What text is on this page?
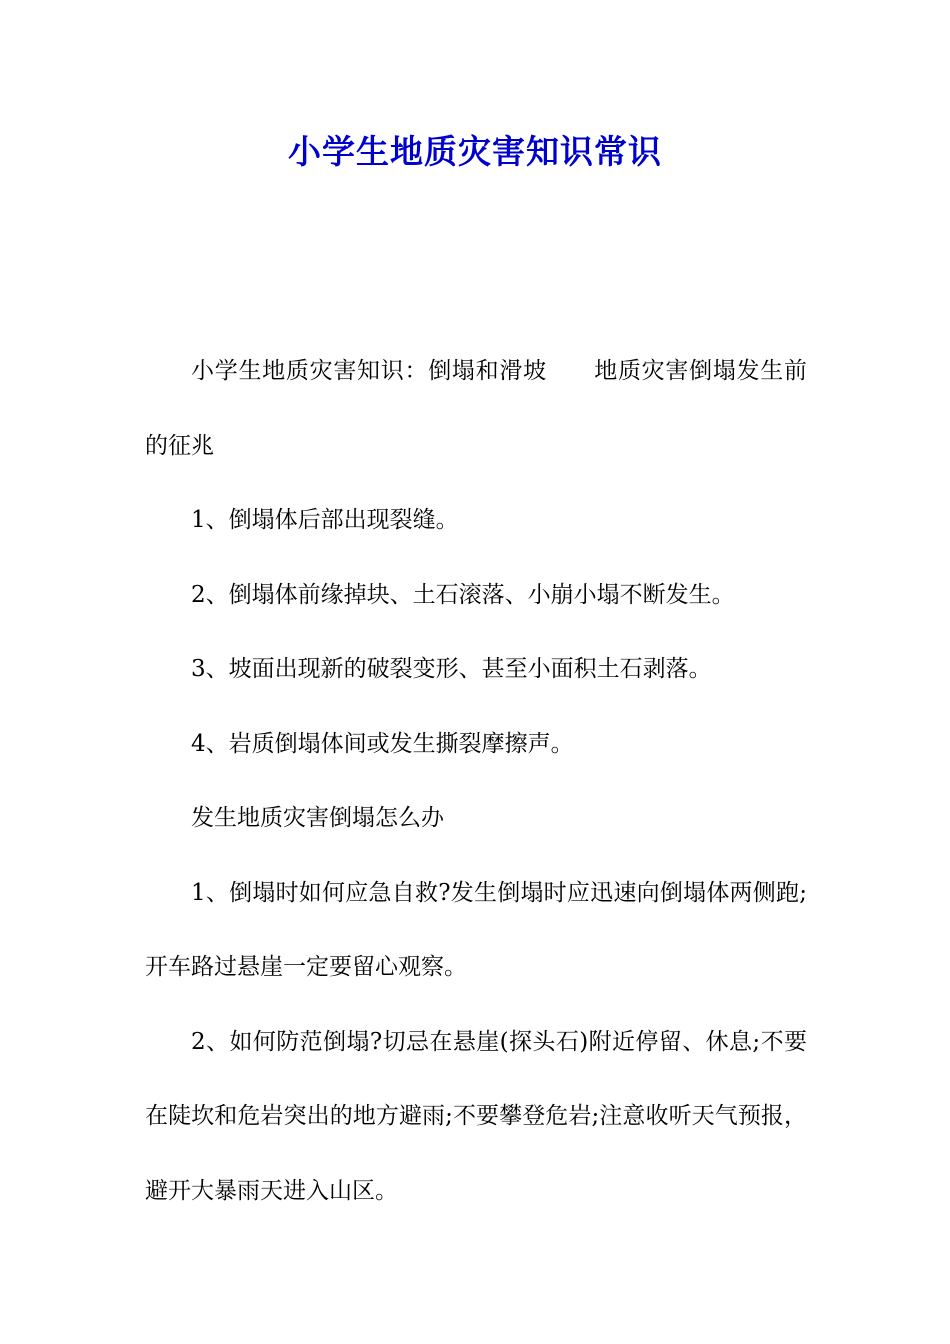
小学生地质灾害知识常识

小学生地质灾害知识：倒塌和滑坡　　地质灾害倒塌发生前的征兆

1、倒塌体后部出现裂缝。

2、倒塌体前缘掉块、土石滚落、小崩小塌不断发生。

3、坡面出现新的破裂变形、甚至小面积土石剥落。

4、岩质倒塌体间或发生撕裂摩擦声。

发生地质灾害倒塌怎么办

1、倒塌时如何应急自救?发生倒塌时应迅速向倒塌体两侧跑;开车路过悬崖一定要留心观察。

2、如何防范倒塌?切忌在悬崖(探头石)附近停留、休息;不要在陡坎和危岩突出的地方避雨;不要攀登危岩;注意收听天气预报，避开大暴雨天进入山区。
